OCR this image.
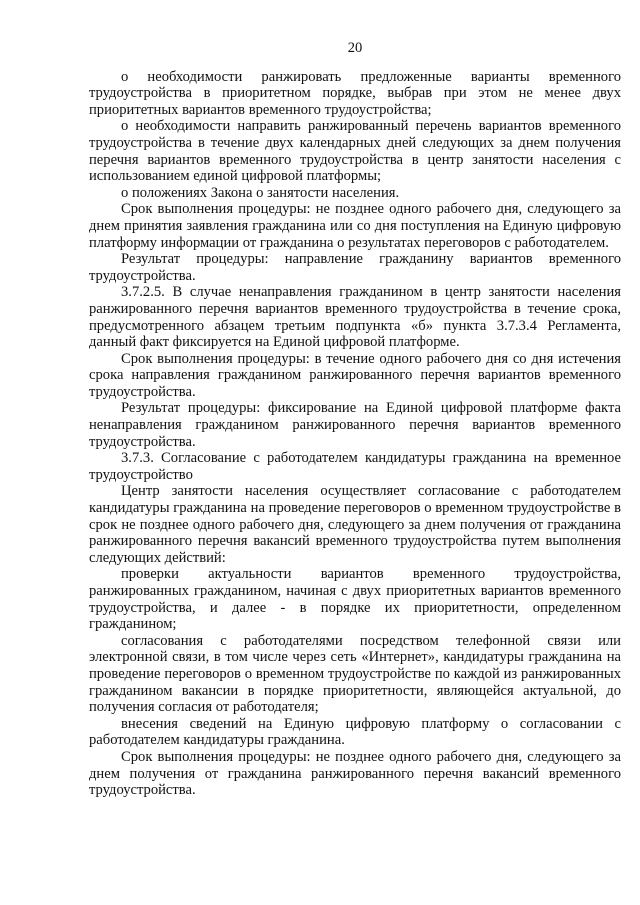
20

о необходимости ранжировать предложенные варианты временного трудоустройства в приоритетном порядке, выбрав при этом не менее двух приоритетных вариантов временного трудоустройства;

о необходимости направить ранжированный перечень вариантов временного трудоустройства в течение двух календарных дней следующих за днем получения перечня вариантов временного трудоустройства в центр занятости населения с использованием единой цифровой платформы;

о положениях Закона о занятости населения.

Срок выполнения процедуры: не позднее одного рабочего дня, следующего за днем принятия заявления гражданина или со дня поступления на Единую цифровую платформу информации от гражданина о результатах переговоров с работодателем.

Результат процедуры: направление гражданину вариантов временного трудоустройства.

3.7.2.5. В случае ненаправления гражданином в центр занятости населения ранжированного перечня вариантов временного трудоустройства в течение срока, предусмотренного абзацем третьим подпункта «б» пункта 3.7.3.4 Регламента, данный факт фиксируется на Единой цифровой платформе.

Срок выполнения процедуры: в течение одного рабочего дня со дня истечения срока направления гражданином ранжированного перечня вариантов временного трудоустройства.

Результат процедуры: фиксирование на Единой цифровой платформе факта ненаправления гражданином ранжированного перечня вариантов временного трудоустройства.

3.7.3. Согласование с работодателем кандидатуры гражданина на временное трудоустройство

Центр занятости населения осуществляет согласование с работодателем кандидатуры гражданина на проведение переговоров о временном трудоустройстве в срок не позднее одного рабочего дня, следующего за днем получения от гражданина ранжированного перечня вакансий временного трудоустройства путем выполнения следующих действий:

проверки актуальности вариантов временного трудоустройства, ранжированных гражданином, начиная с двух приоритетных вариантов временного трудоустройства, и далее - в порядке их приоритетности, определенном гражданином;

согласования с работодателями посредством телефонной связи или электронной связи, в том числе через сеть «Интернет», кандидатуры гражданина на проведение переговоров о временном трудоустройстве по каждой из ранжированных гражданином вакансии в порядке приоритетности, являющейся актуальной, до получения согласия от работодателя;

внесения сведений на Единую цифровую платформу о согласовании с работодателем кандидатуры гражданина.

Срок выполнения процедуры: не позднее одного рабочего дня, следующего за днем получения от гражданина ранжированного перечня вакансий временного трудоустройства.
